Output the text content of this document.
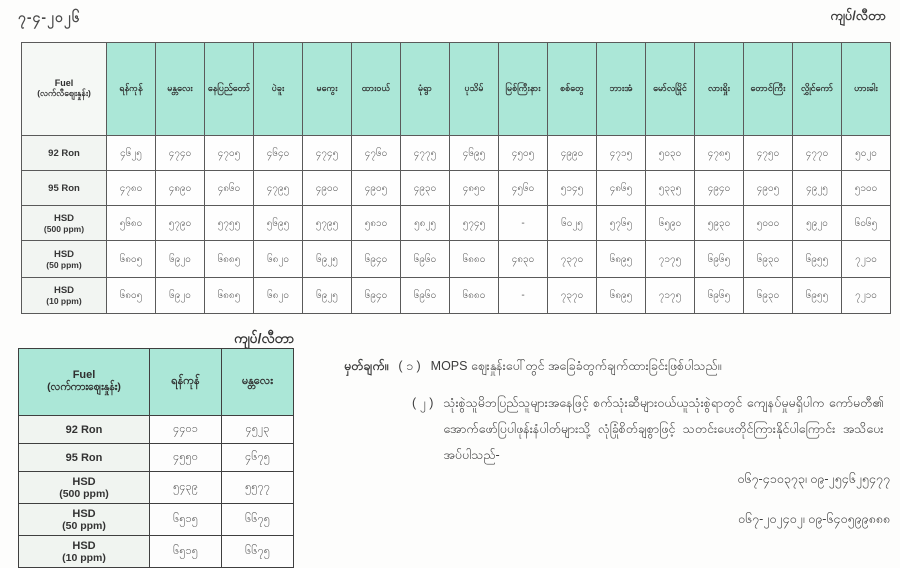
၇-၄-၂၀၂၆	ကျပ်/လီတာ
Fuel
(လက်လီဈေးနှုန်း)	ရန်ကုန်	မန္တလေး	နေပြည်တော်	ပဲခူး	မကွေး	ထားဝယ်	မုံရွာ	ပုသိမ်	မြစ်ကြီးနား	စစ်တွေ	ဘားအံ	မော်လမြိုင်	လားရှိုး	တောင်ကြီး	လွှိုင်ကော်	ဟားခါး
92 Ron	၄၆၂၅	၄၇၄၀	၄၇၀၅	၄၆၄၀	၄၇၄၅	၄၇၆၀	၄၇၇၅	၄၆၉၅	၄၅၀၅	၄၉၉၀	၄၇၁၅	၅၀၃၀	၄၇၈၅	၄၇၅၀	၄၇၇၀	၅၀၂၀
95 Ron	၄၇၈၀	၄၈၉၀	၄၈၆၀	၄၇၉၅	၄၉၀၀	၄၉၀၅	၄၉၃၀	၄၈၅၀	၄၅၆၀	၅၁၄၅	၄၈၆၅	၅၃၃၅	၄၉၄၀	၄၉၀၅	၄၉၂၅	၅၁၀၀
HSD
(500 ppm)	၅၆၈၀	၅၇၉၀	၅၇၅၅	၅၆၉၅	၅၇၉၅	၅၈၁၀	၅၈၂၅	၅၇၄၅	-	၆၀၂၅	၅၇၆၅	၆၅၉၀	၅၉၃၀	၅၀၀၀	၅၉၂၀	၆၀၆၅
HSD
(50 ppm)	၆၈၀၅	၆၉၂၀	၆၈၈၅	၆၈၂၀	၆၉၂၅	၆၉၄၀	၆၉၆၀	၆၈၈၀	၄၈၃၀	၇၃၇၀	၆၈၉၅	၇၁၇၅	၆၉၆၅	၆၉၃၀	၆၉၅၅	၇၂၁၀
HSD
(10 ppm)	၆၈၀၅	၆၉၂၀	၆၈၈၅	၆၈၂၀	၆၉၂၅	၆၉၄၀	၆၉၆၀	၆၈၈၀	-	၇၃၇၀	၆၈၉၅	၇၁၇၅	၆၉၆၅	၆၉၃၀	၆၉၅၅	၇၂၁၀
ကျပ်/လီတာ
Fuel
(လက်ကားဈေးနှုန်း)	ရန်ကုန်	မန္တလေး
92 Ron	၄၄၀၁	၄၅၂၃
95 Ron	၄၅၅၀	၄၆၇၅
HSD
(500 ppm)	၅၄၃၉	၅၅၇၇
HSD
(50 ppm)	၆၅၁၅	၆၆၇၅
HSD
(10 ppm)	၆၅၁၅	၆၆၇၅
မှတ်ချက်။ ( ၁ ) MOPS ဈေးနှုန်းပေါ်တွင် အခြေခံတွက်ချက်ထားခြင်းဖြစ်ပါသည်။
( ၂ ) သုံးစွဲသူမိဘပြည်သူများအနေဖြင့် စက်သုံးဆီများဝယ်ယူသုံးစွဲရာတွင် ကျေနပ်မှုမရှိပါက ကော်မတီ၏ အောက်ဖော်ပြပါဖုန်းနံပါတ်များသို့ လုံခြုံစိတ်ချစွာဖြင့် သတင်းပေးတိုင်ကြားနိုင်ပါကြောင်း အသိပေးအပ်ပါသည်-
ဝ၆၇-၄၁ဝ၃၇၃၊ ဝ၉-၂၅၄၆၂၅၄၇၇
ဝ၆၇-၂ဝ၂၄ဝ၂၊ ဝ၉-၆၄ဝ၅၉၉၈၈၈
